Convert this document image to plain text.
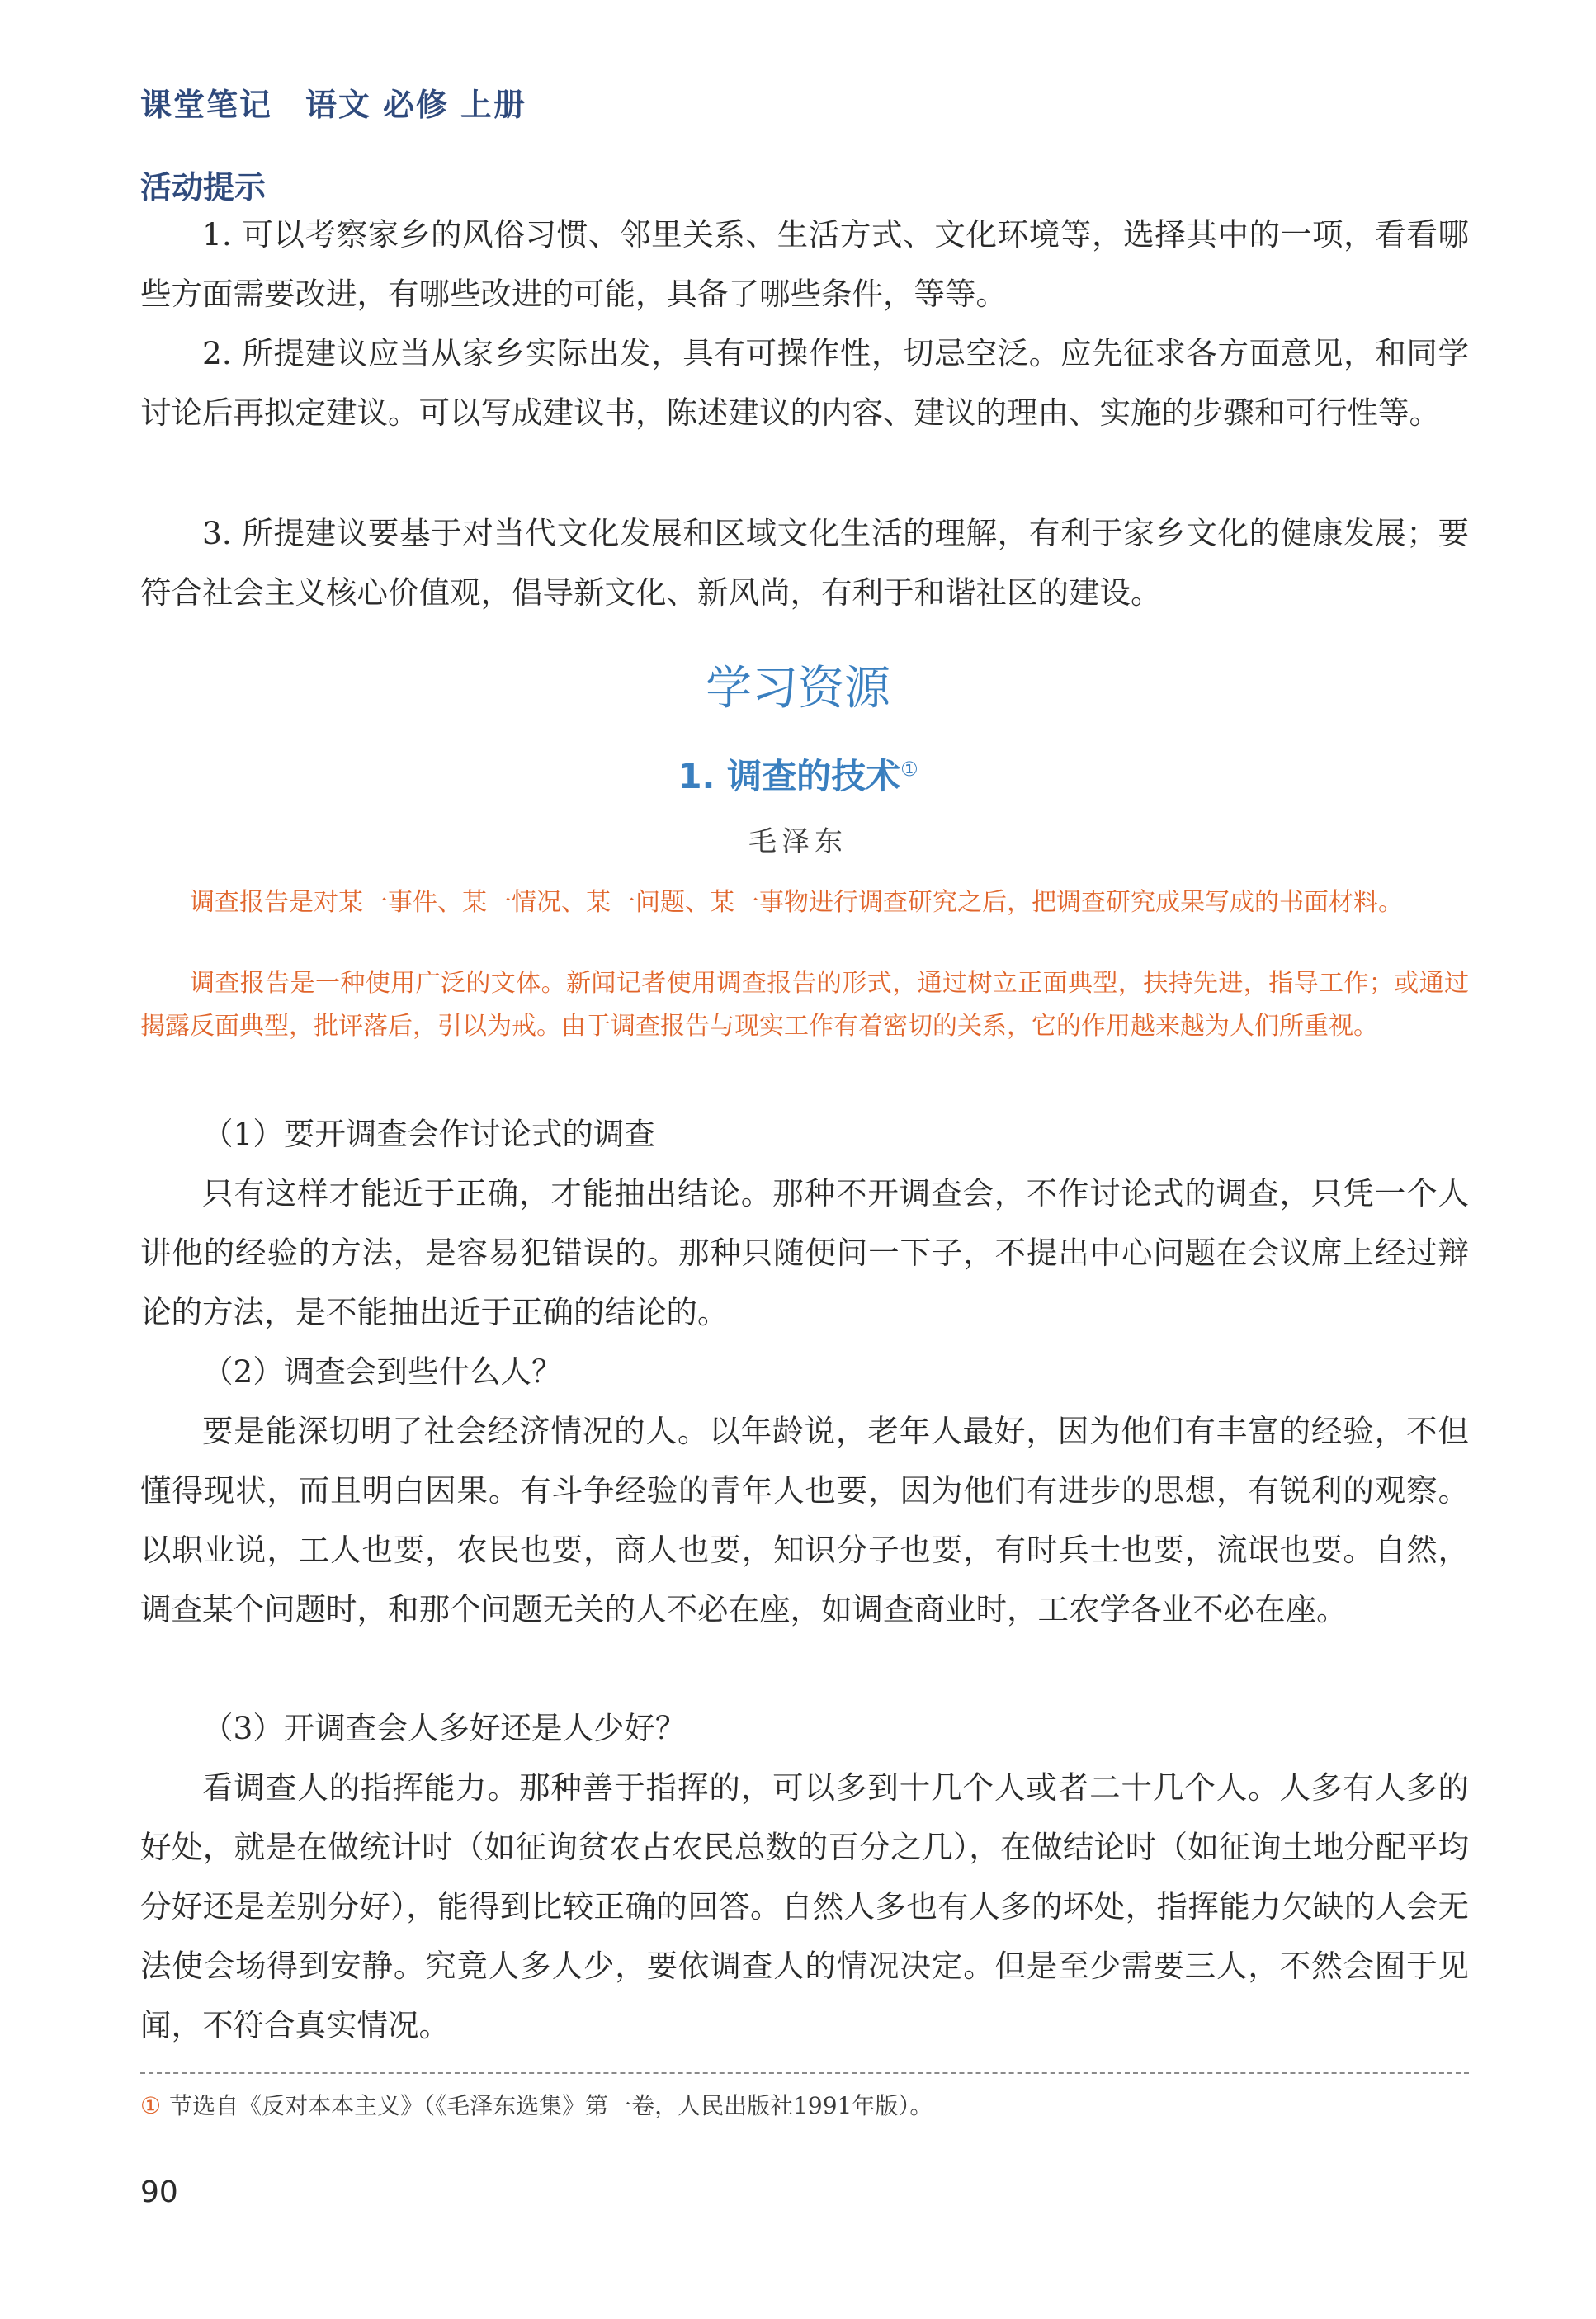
课堂笔记 语文 必修 上册
活动提示

1. 可以考察家乡的风俗习惯、邻里关系、生活方式、文化环境等，选择其中的一项，看看哪些方面需要改进，有哪些改进的可能，具备了哪些条件，等等。

2. 所提建议应当从家乡实际出发，具有可操作性，切忌空泛。应先征求各方面意见，和同学讨论后再拟定建议。可以写成建议书，陈述建议的内容、建议的理由、实施的步骤和可行性等。

3. 所提建议要基于对当代文化发展和区域文化生活的理解，有利于家乡文化的健康发展；要符合社会主义核心价值观，倡导新文化、新风尚，有利于和谐社区的建设。

学习资源
1. 调查的技术①
毛泽东

调查报告是对某一事件、某一情况、某一问题、某一事物进行调查研究之后，把调查研究成果写成的书面材料。

调查报告是一种使用广泛的文体。新闻记者使用调查报告的形式，通过树立正面典型，扶持先进，指导工作；或通过揭露反面典型，批评落后，引以为戒。由于调查报告与现实工作有着密切的关系，它的作用越来越为人们所重视。

（1）要开调查会作讨论式的调查

只有这样才能近于正确，才能抽出结论。那种不开调查会，不作讨论式的调查，只凭一个人讲他的经验的方法，是容易犯错误的。那种只随便问一下子，不提出中心问题在会议席上经过辩论的方法，是不能抽出近于正确的结论的。

（2）调查会到些什么人？

要是能深切明了社会经济情况的人。以年龄说，老年人最好，因为他们有丰富的经验，不但懂得现状，而且明白因果。有斗争经验的青年人也要，因为他们有进步的思想，有锐利的观察。以职业说，工人也要，农民也要，商人也要，知识分子也要，有时兵士也要，流氓也要。自然，调查某个问题时，和那个问题无关的人不必在座，如调查商业时，工农学各业不必在座。

（3）开调查会人多好还是人少好？

看调查人的指挥能力。那种善于指挥的，可以多到十几个人或者二十几个人。人多有人多的好处，就是在做统计时（如征询贫农占农民总数的百分之几），在做结论时（如征询土地分配平均分好还是差别分好），能得到比较正确的回答。自然人多也有人多的坏处，指挥能力欠缺的人会无法使会场得到安静。究竟人多人少，要依调查人的情况决定。但是至少需要三人，不然会囿于见闻，不符合真实情况。

① 节选自《反对本本主义》（《毛泽东选集》第一卷，人民出版社1991年版）。
90
